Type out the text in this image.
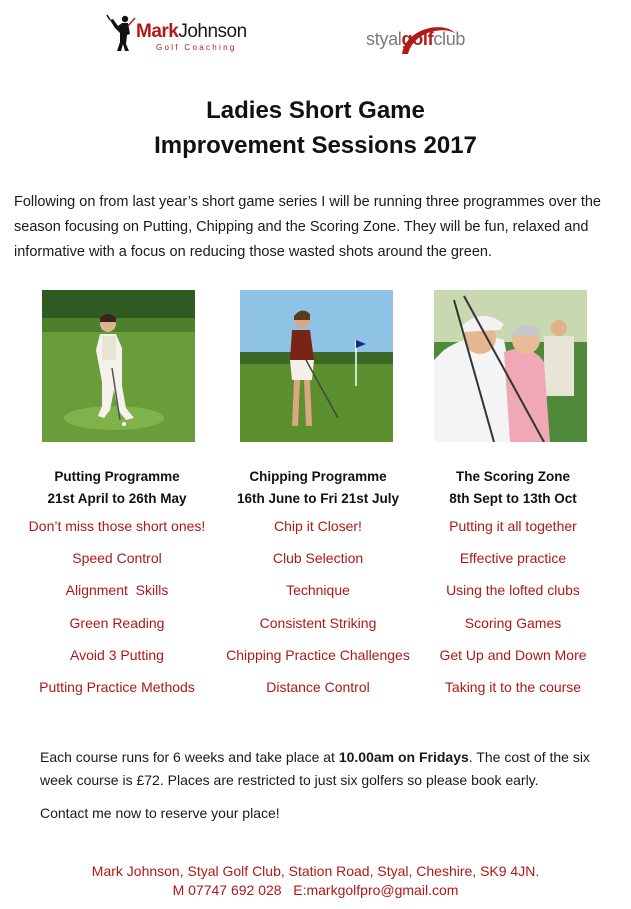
MarkJohnson
Golf Coaching	styalgolfclub
Ladies Short Game
Improvement Sessions 2017
Following on from last year’s short game series I will be running three programmes over the season focusing on Putting, Chipping and the Scoring Zone. They will be fun, relaxed and informative with a focus on reducing those wasted shots around the green.
Putting Programme
21st April to 26th May
Don’t miss those short ones!
Speed Control
Alignment  Skills
Green Reading
Avoid 3 Putting
Putting Practice Methods
Chipping Programme
16th June to Fri 21st July
Chip it Closer!
Club Selection
Technique
Consistent Striking
Chipping Practice Challenges
Distance Control
The Scoring Zone
8th Sept to 13th Oct
Putting it all together
Effective practice
Using the lofted clubs
Scoring Games
Get Up and Down More
Taking it to the course
Each course runs for 6 weeks and take place at 10.00am on Fridays. The cost of the six week course is £72. Places are restricted to just six golfers so please book early.
Contact me now to reserve your place!
Mark Johnson, Styal Golf Club, Station Road, Styal, Cheshire, SK9 4JN.
M 07747 692 028 E:markgolfpro@gmail.com
